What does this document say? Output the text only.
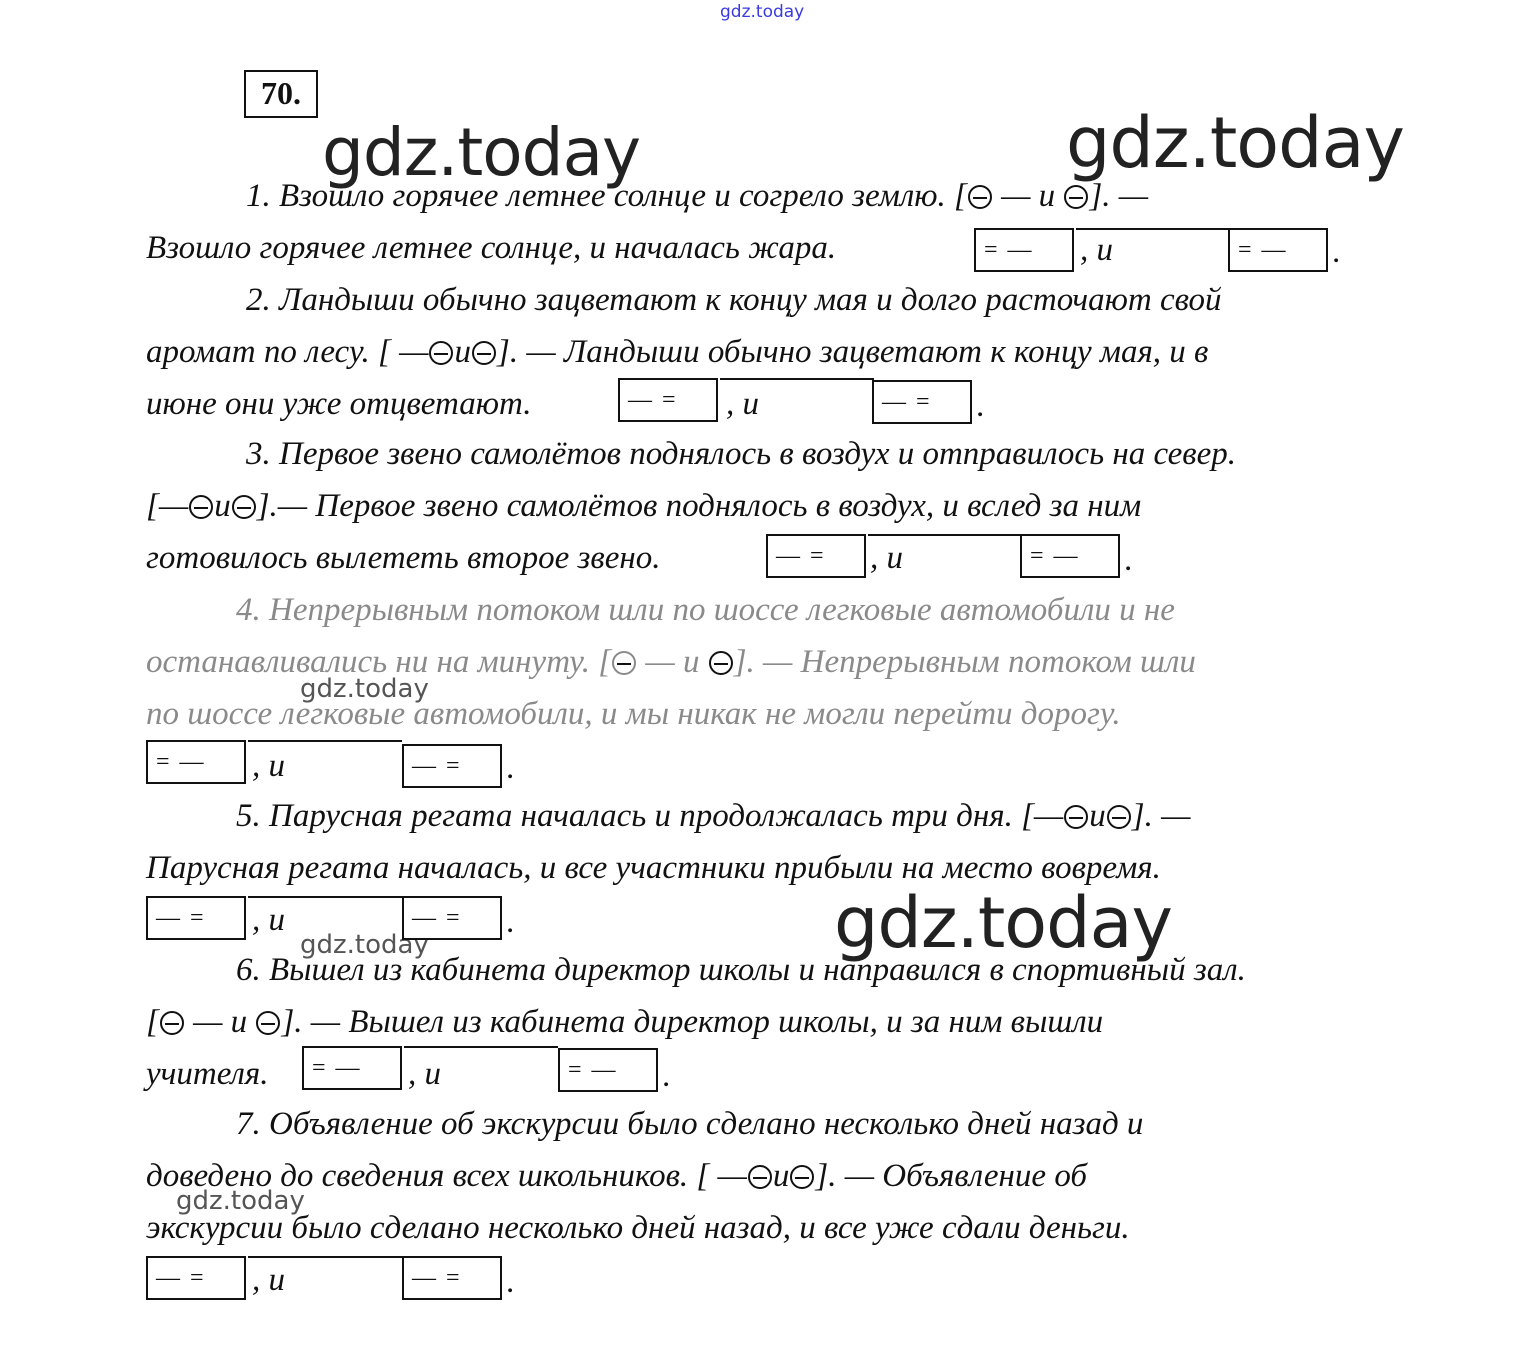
gdz.today
70.
gdz.today	gdz.today
gdz.today
gdz.today
gdz.today
gdz.today
1. Взошло горячее летнее солнце и согрело землю. [ — и ]. —
Взошло горячее летнее солнце, и началась жара.	= —	, и	= —	.
2. Ландыши обычно зацветают к концу мая и долго расточают свой
аромат по лесу. [ — и ]. — Ландыши обычно зацветают к концу мая, и в
июне они уже отцветают.	— =	, и	— =	.
3. Первое звено самолётов поднялось в воздух и отправилось на север.
[— и ].— Первое звено самолётов поднялось в воздух, и вслед за ним
готовилось вылететь второе звено.	— =	, и	= —	.
4. Непрерывным потоком шли по шоссе легковые автомобили и не
останавливались ни на минуту. [ — и ]. — Непрерывным потоком шли
по шоссе легковые автомобили, и мы никак не могли перейти дорогу.
= —	, и	— =	.
5. Парусная регата началась и продолжалась три дня. [— и ]. —
Парусная регата началась, и все участники прибыли на место вовремя.
— =	, и	— =	.
6. Вышел из кабинета директор школы и направился в спортивный зал.
[ — и ]. — Вышел из кабинета директор школы, и за ним вышли
учителя.	= —	, и	= —	.
7. Объявление об экскурсии было сделано несколько дней назад и
доведено до сведения всех школьников. [ — и ]. — Объявление об
экскурсии было сделано несколько дней назад, и все уже сдали деньги.
— =	, и	— =	.
